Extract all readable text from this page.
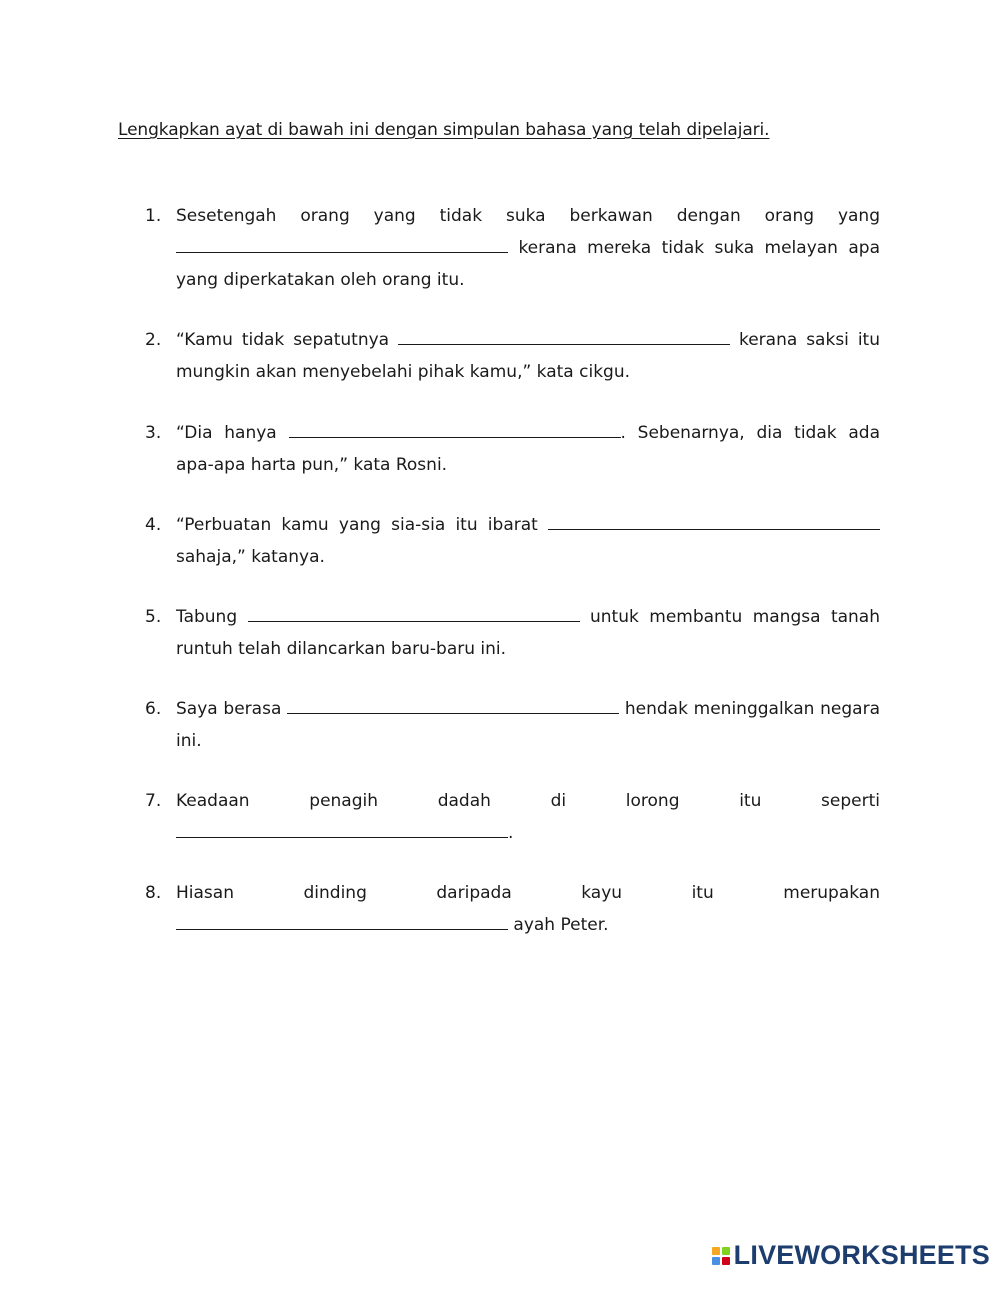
Lengkapkan ayat di bawah ini dengan simpulan bahasa yang telah dipelajari.
1. Sesetengah orang yang tidak suka berkawan dengan orang yang
kerana mereka tidak suka melayan apa
yang diperkatakan oleh orang itu.
2. “Kamu tidak sepatutnya	kerana saksi itu
mungkin akan menyebelahi pihak kamu,” kata cikgu.
3. “Dia hanya	. Sebenarnya, dia tidak ada
apa-apa harta pun,” kata Rosni.
4. “Perbuatan kamu yang sia-sia itu ibarat
sahaja,” katanya.
5. Tabung	untuk membantu mangsa tanah
runtuh telah dilancarkan baru-baru ini.
6. Saya berasa	hendak meninggalkan negara
ini.
7. Keadaan penagih dadah di lorong itu seperti
.
8. Hiasan dinding daripada kayu itu merupakan
ayah Peter.
LIVEWORKSHEETS
